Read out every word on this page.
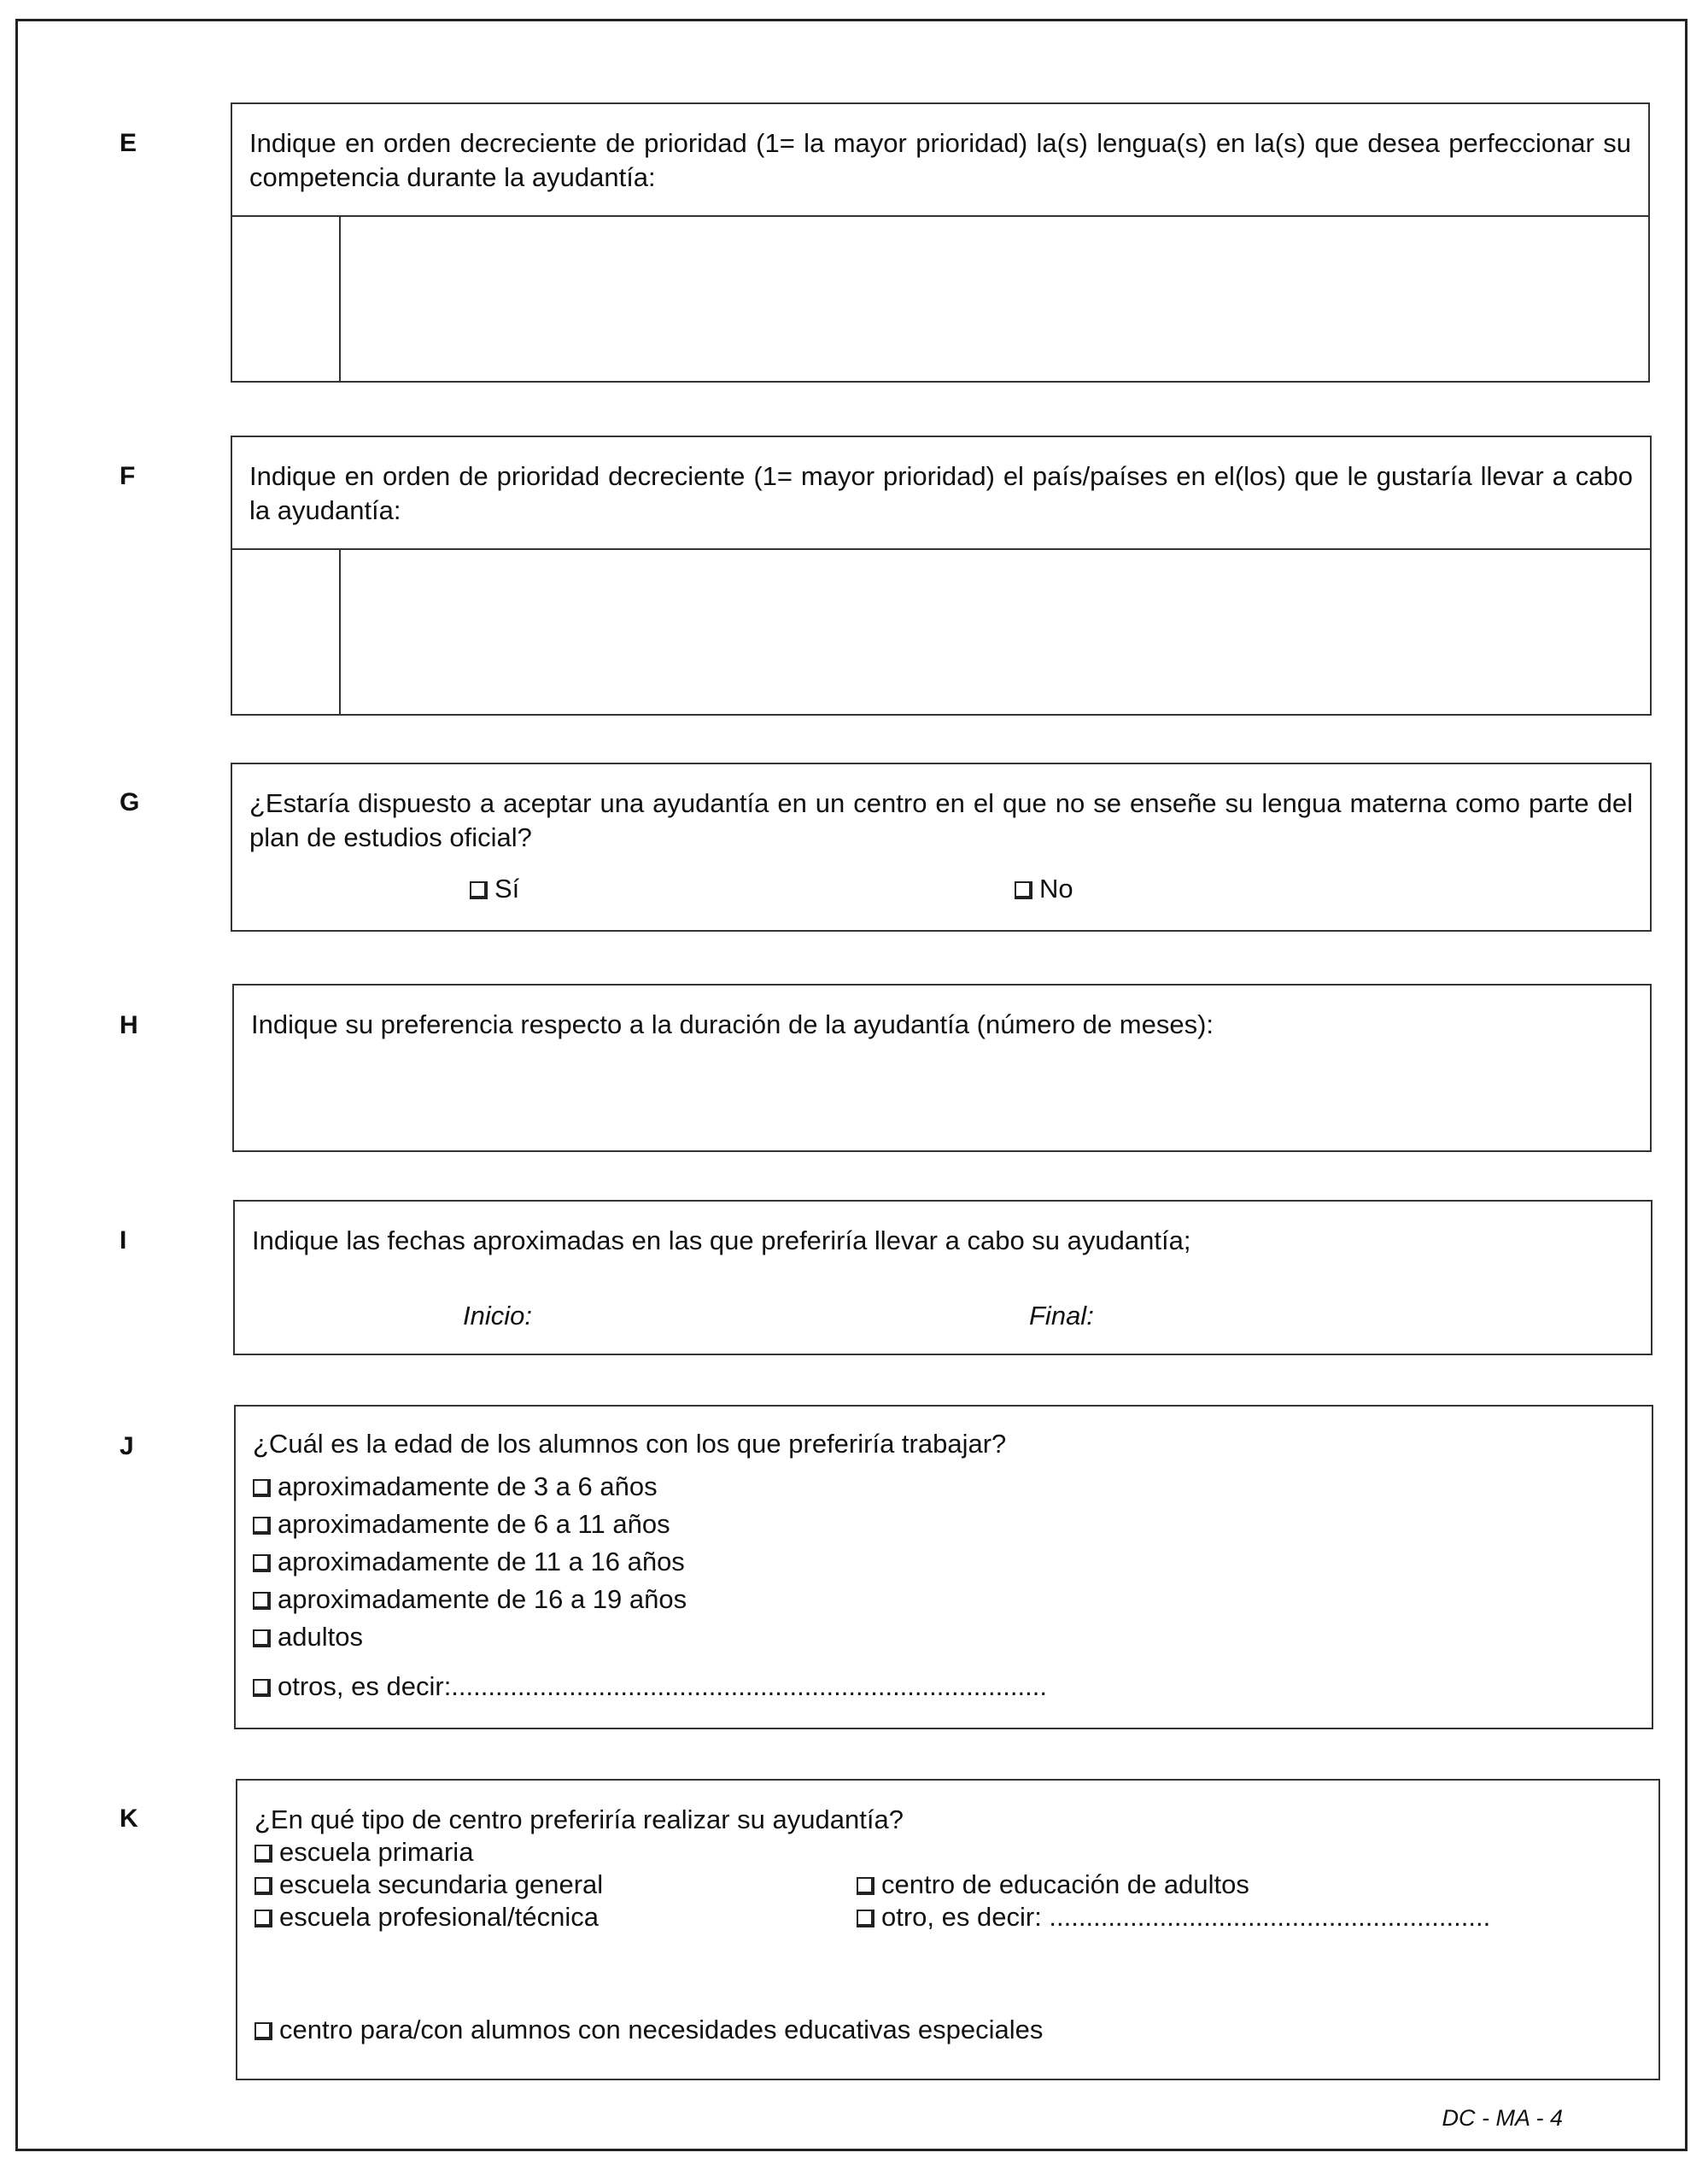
E	Indique en orden decreciente de prioridad (1= la mayor prioridad) la(s) lengua(s) en la(s) que desea perfeccionar su competencia durante la ayudantía:
F	Indique en orden de prioridad decreciente (1= mayor prioridad) el país/países en el(los) que le gustaría llevar a cabo la ayudantía:
G	¿Estaría dispuesto a aceptar una ayudantía en un centro en el que no se enseñe su lengua materna como parte del plan de estudios oficial?
Sí	No
H	Indique su preferencia respecto a la duración de la ayudantía (número de meses):
I	Indique las fechas aproximadas en las que preferiría llevar a cabo su ayudantía;
Inicio:	Final:
J	¿Cuál es la edad de los alumnos con los que preferiría trabajar?
aproximadamente de 3 a 6 años
aproximadamente de 6 a 11 años
aproximadamente de 11 a 16 años
aproximadamente de 16 a 19 años
adultos
otros, es decir:.................................................................................
K	¿En qué tipo de centro preferiría realizar su ayudantía?
escuela primaria
escuela secundaria general
escuela profesional/técnica
centro de educación de adultos
otro, es decir: ............................................................
centro para/con alumnos con necesidades educativas especiales
DC - MA - 4
